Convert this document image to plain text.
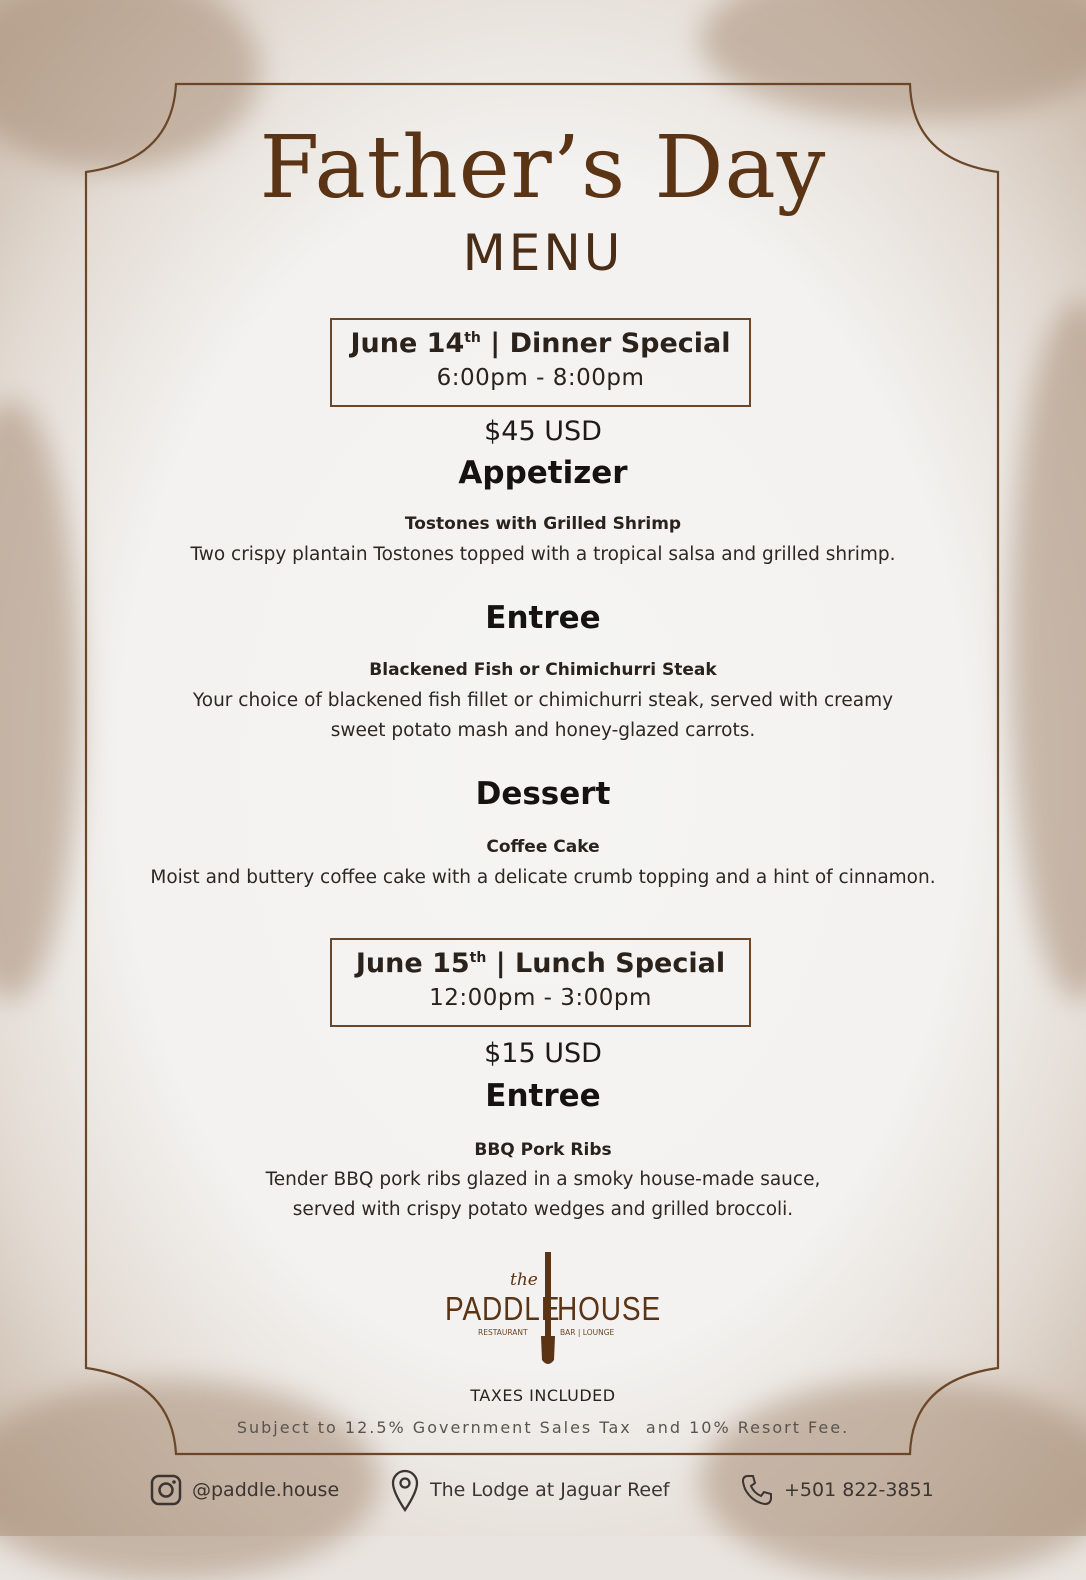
Father’s Day
MENU
June 14th | Dinner Special
6:00pm - 8:00pm
$45 USD
Appetizer
Tostones with Grilled Shrimp
Two crispy plantain Tostones topped with a tropical salsa and grilled shrimp.
Entree
Blackened Fish or Chimichurri Steak
Your choice of blackened fish fillet or chimichurri steak, served with creamy
sweet potato mash and honey-glazed carrots.
Dessert
Coffee Cake
Moist and buttery coffee cake with a delicate crumb topping and a hint of cinnamon.
June 15th | Lunch Special
12:00pm - 3:00pm
$15 USD
Entree
BBQ Pork Ribs
Tender BBQ pork ribs glazed in a smoky house-made sauce,
served with crispy potato wedges and grilled broccoli.
the
PADDLE
HOUSE
RESTAURANT	BAR | LOUNGE
TAXES INCLUDED
Subject to 12.5% Government Sales Tax  and 10% Resort Fee.
@paddle.house	The Lodge at Jaguar Reef	+501 822-3851
